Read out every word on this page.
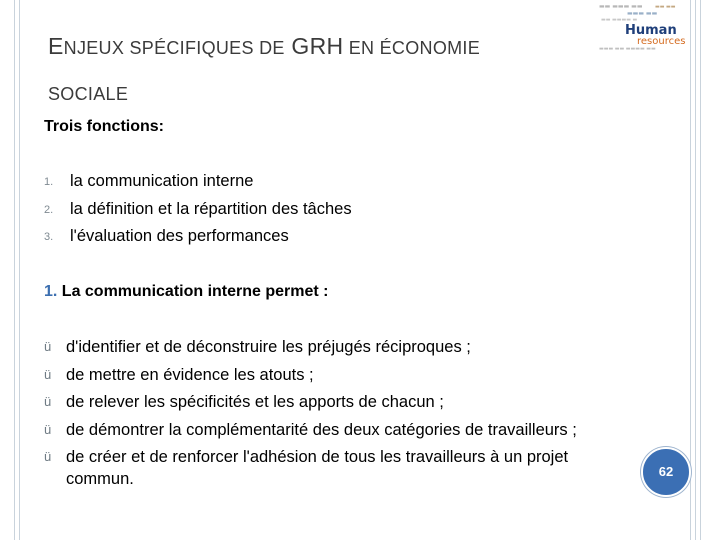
ENJEUX SPÉCIFIQUES DE GRH EN ÉCONOMIE
SOCIALE
▬▬ ▬▬▬ ▬▬
▬▬▬ ▬▬
▬▬ ▬▬▬▬ ▬
▬▬▬ ▬▬ ▬▬▬▬ ▬▬
▬▬ ▬▬
Human
resources
Trois fonctions:
1. la communication interne
2. la définition et la répartition des tâches
3. l'évaluation des performances
1. La communication interne permet :
ü d'identifier et de déconstruire les préjugés réciproques ;
ü de mettre en évidence les atouts ;
ü de relever les spécificités et les apports de chacun ;
ü de démontrer la complémentarité des deux catégories de travailleurs ;
ü de créer et de renforcer l'adhésion de tous les travailleurs à un projet commun.	62
